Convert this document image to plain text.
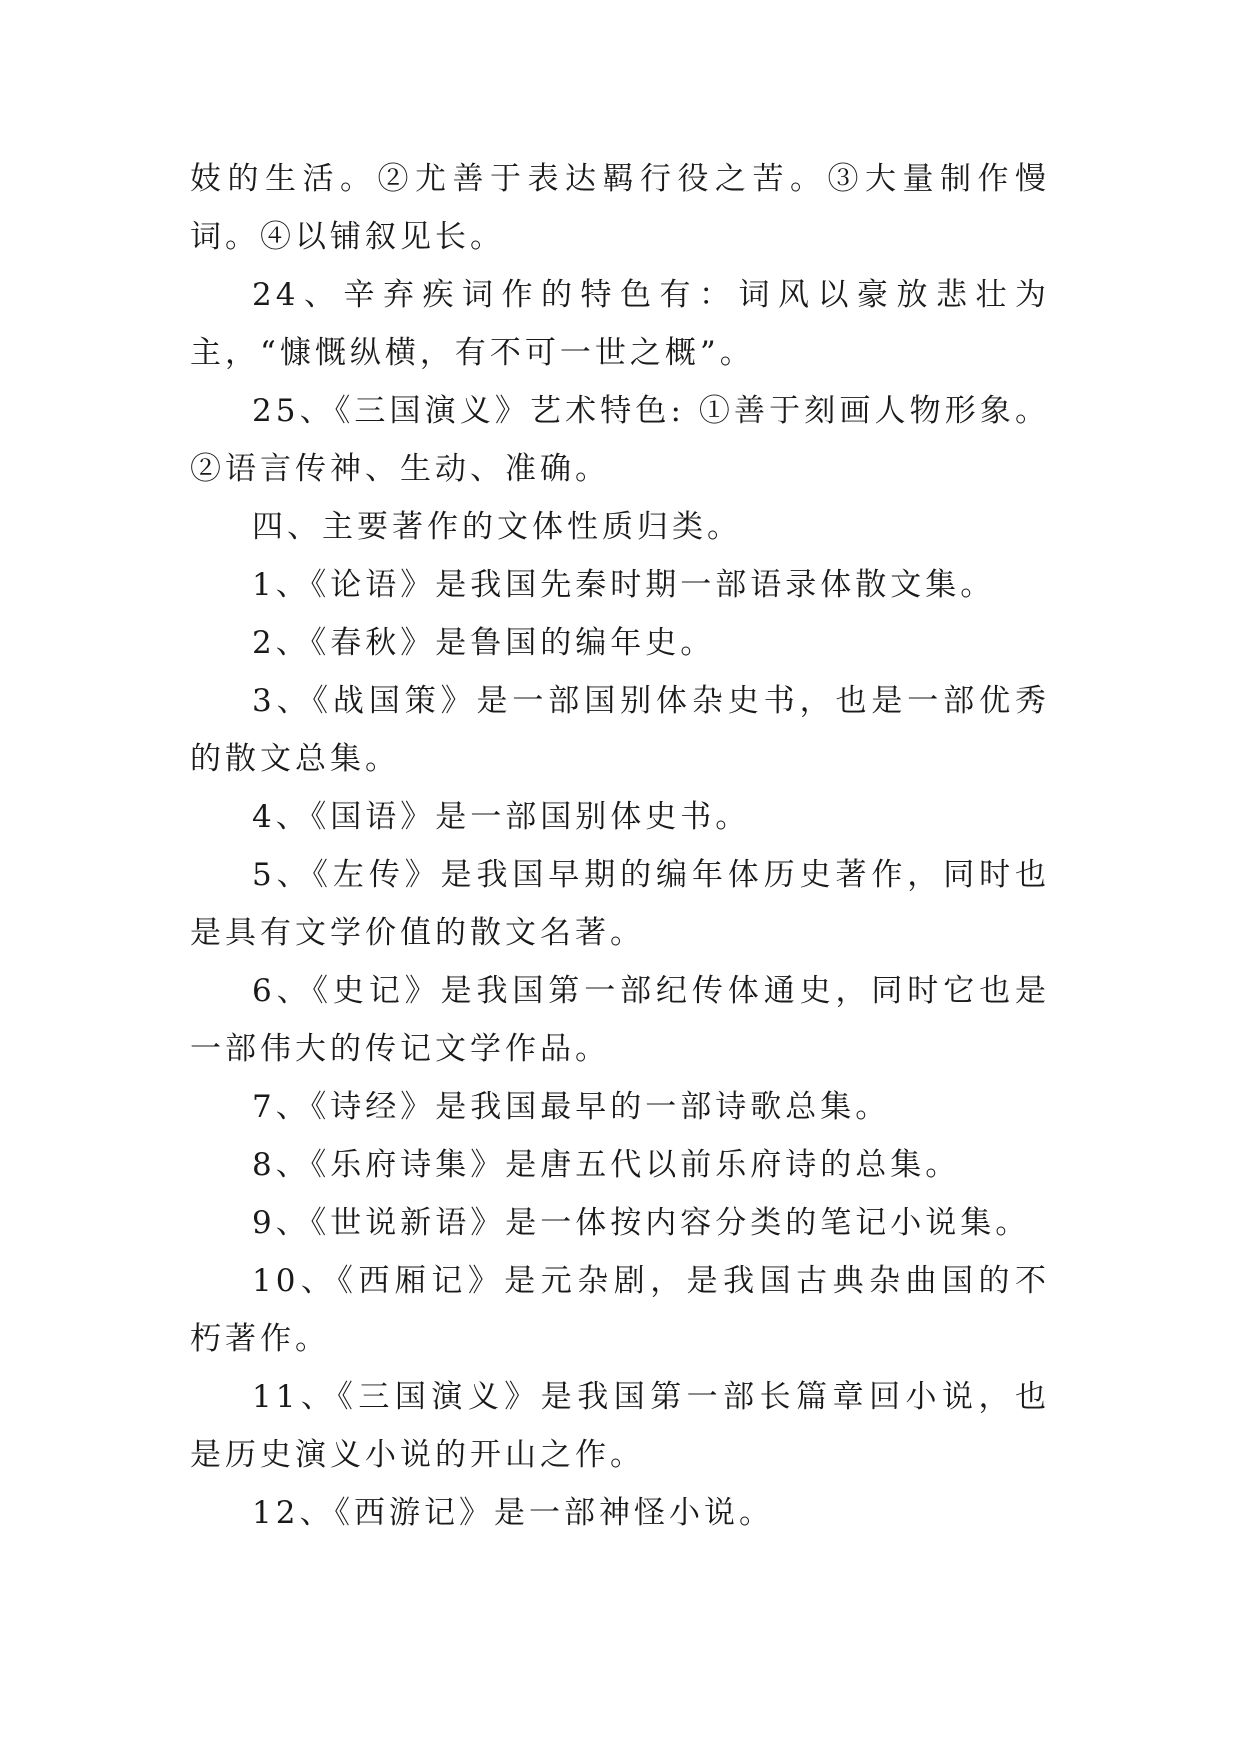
妓的生活。②尤善于表达羁行役之苦。③大量制作慢词。④以铺叙见长。

24、辛弃疾词作的特色有：词风以豪放悲壮为主，“慷慨纵横，有不可一世之概”。

25、《三国演义》艺术特色: ①善于刻画人物形象。②语言传神、生动、准确。

四、主要著作的文体性质归类。

1、《论语》是我国先秦时期一部语录体散文集。

2、《春秋》是鲁国的编年史。

3、《战国策》是一部国别体杂史书，也是一部优秀的散文总集。

4、《国语》是一部国别体史书。

5、《左传》是我国早期的编年体历史著作，同时也是具有文学价值的散文名著。

6、《史记》是我国第一部纪传体通史，同时它也是一部伟大的传记文学作品。

7、《诗经》是我国最早的一部诗歌总集。

8、《乐府诗集》是唐五代以前乐府诗的总集。

9、《世说新语》是一体按内容分类的笔记小说集。

10、《西厢记》是元杂剧，是我国古典杂曲国的不朽著作。

11、《三国演义》是我国第一部长篇章回小说，也是历史演义小说的开山之作。

12、《西游记》是一部神怪小说。
